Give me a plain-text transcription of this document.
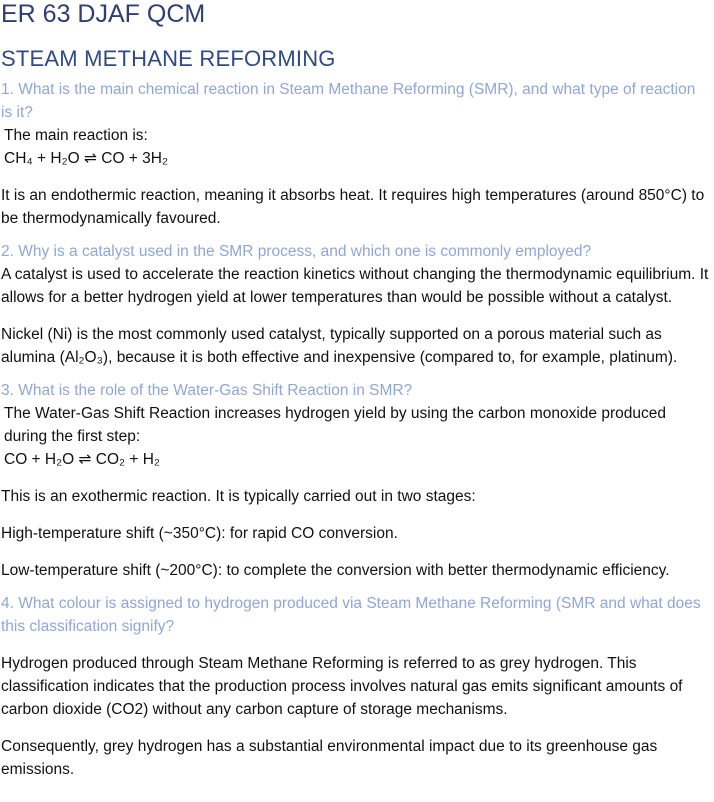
ER 63 DJAF QCM
STEAM METHANE REFORMING

1. What is the main chemical reaction in Steam Methane Reforming (SMR), and what type of reaction is it?

The main reaction is:

CH₄ + H₂O ⇌ CO + 3H₂

It is an endothermic reaction, meaning it absorbs heat. It requires high temperatures (around 850°C) to be thermodynamically favoured.

2. Why is a catalyst used in the SMR process, and which one is commonly employed?

A catalyst is used to accelerate the reaction kinetics without changing the thermodynamic equilibrium. It allows for a better hydrogen yield at lower temperatures than would be possible without a catalyst.

Nickel (Ni) is the most commonly used catalyst, typically supported on a porous material such as alumina (Al₂O₃), because it is both effective and inexpensive (compared to, for example, platinum).

3. What is the role of the Water-Gas Shift Reaction in SMR?

The Water-Gas Shift Reaction increases hydrogen yield by using the carbon monoxide produced during the first step:

CO + H₂O ⇌ CO₂ + H₂

This is an exothermic reaction. It is typically carried out in two stages:

High-temperature shift (~350°C): for rapid CO conversion.

Low-temperature shift (~200°C): to complete the conversion with better thermodynamic efficiency.

4. What colour is assigned to hydrogen produced via Steam Methane Reforming (SMR and what does this classification signify?

Hydrogen produced through Steam Methane Reforming is referred to as grey hydrogen. This classification indicates that the production process involves natural gas emits significant amounts of carbon dioxide (CO2) without any carbon capture of storage mechanisms.

Consequently, grey hydrogen has a substantial environmental impact due to its greenhouse gas emissions.
